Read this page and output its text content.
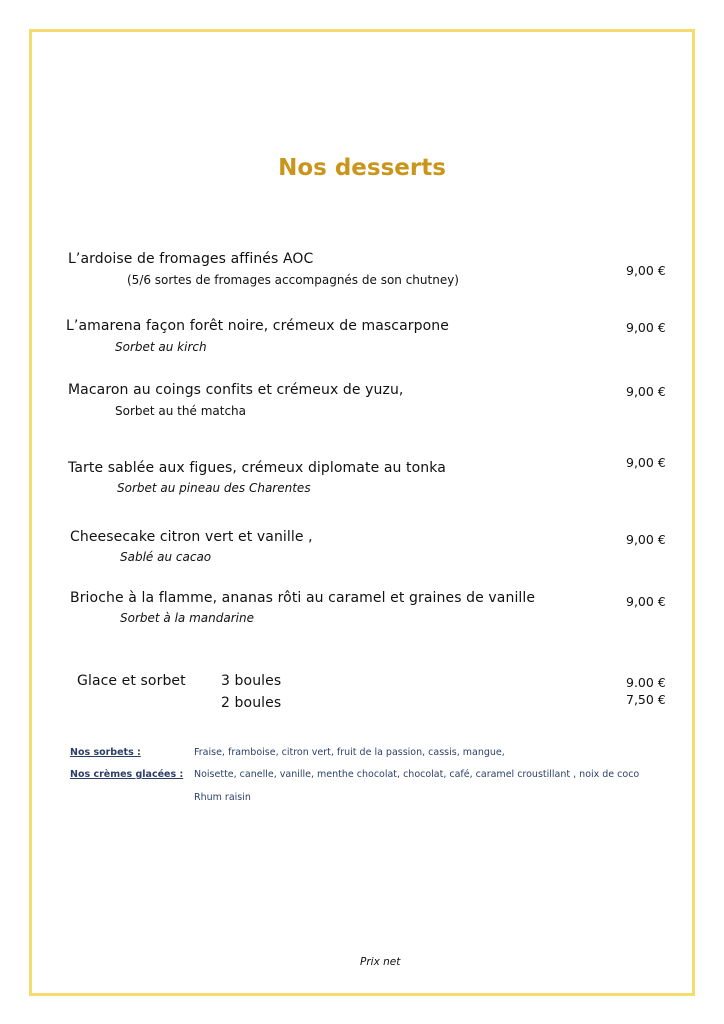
Nos desserts
L’ardoise de fromages affinés AOC
(5/6 sortes de fromages accompagnés de son chutney)
9,00 €
L’amarena façon forêt noire, crémeux de mascarpone
Sorbet au kirch
9,00 €
Macaron au coings confits et crémeux de yuzu,
Sorbet au thé matcha
9,00 €
Tarte sablée aux figues, crémeux diplomate au tonka
Sorbet au pineau des Charentes
9,00 €
Cheesecake citron vert et vanille ,
Sablé au cacao
9,00 €
Brioche à la flamme, ananas rôti au caramel et graines de vanille
Sorbet à la mandarine
9,00 €
Glace et sorbet	3 boules
2 boules
9.00 €
7,50 €
Nos sorbets :	Fraise, framboise, citron vert, fruit de la passion, cassis, mangue,
Nos crèmes glacées : Noisette, canelle, vanille, menthe chocolat, chocolat, café, caramel croustillant , noix de coco
Rhum raisin
Prix net
